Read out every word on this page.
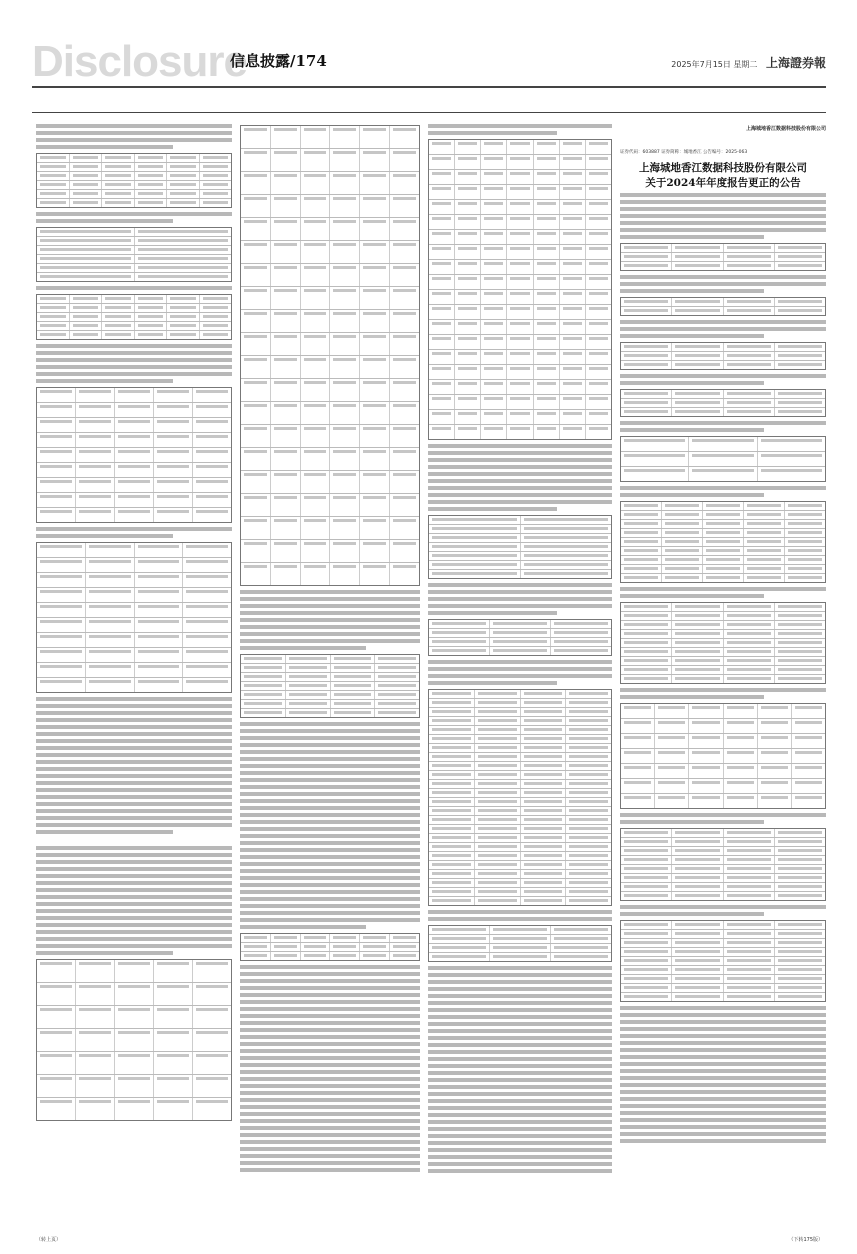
Disclosure
信息披露/174	2025年7月15日 星期二 上海證券報
上海城地香江数据科技股份有限公司
证券代码：603887 证券简称：城地香江 公告编号：2025-063
上海城地香江数据科技股份有限公司
关于2024年年度报告更正的公告
（转上页）	（下转175版）
